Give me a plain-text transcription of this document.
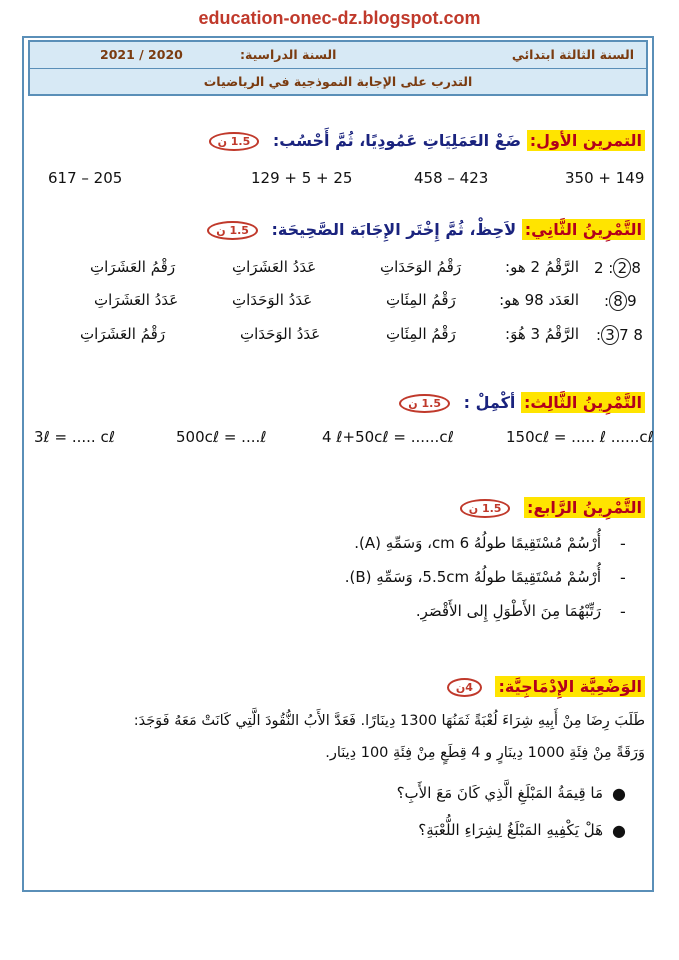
education-onec-dz.blogspot.com
2021 / 2020	السنة الدراسية:	السنة الثالثة ابتدائي
التدرب على الإجابة النموذجية في الرياضيات
التمرين الأول: ضَعْ العَمَلِيَاتِ عَمُودِيًا، ثُمَّ أَحْسُب: 1.5 ن
350 + 149
458 – 423
129 + 5 + 25
617 – 205
التَّمْرِينُ الثَّانِي: لاَحِظْ، ثُمَّ إِخْتَر الإِجَابَة الصَّحِيحَة: 1.5 ن
2 : 2 8
الرَّقْمُ 2 هو:
رَقْمُ الوَحَدَاتِ
عَدَدُ العَشَرَاتِ
رَقْمُ العَشَرَاتِ
: 8 9
العَدَد 98 هو:
رَقْمُ المِئَاتِ
عَدَدُ الوَحَدَاتِ
عَدَدُ العَشَرَاتِ
: 3 7 8
الرَّقْمُ 3 هُوَ:
رَقْمُ المِئَاتِ
عَدَدُ الوَحَدَاتِ
رَقْمُ العَشَرَاتِ
التَّمْرِينُ الثَّالِث: أكْمِلْ : 1.5 ن
150cℓ = ..... ℓ ......cℓ
4 ℓ+50cℓ = ......cℓ
500cℓ = ....ℓ
3ℓ = ..... cℓ
التَّمْرِينُ الرَّابع: 1.5 ن
-
أُرْسُمْ مُسْتَقِيمًا طولُهُ 6 cm، وَسَمِّهِ (A).
-
أُرْسُمْ مُسْتَقِيمًا طولُهُ 5.5cm، وَسَمِّهِ (B).
-
رَتِّبْهُمَا مِنَ الأَطْوَلِ إِلى الأَقْصَرِ.
الوَضْعِيَّة الإِدْمَاجِيَّة: 4ن
طَلَبَ رِضَا مِنْ أَبِيهِ شِرَاءَ لُعْبَةً ثَمَنُهَا 1300 دِينَارًا. فَعَدَّ الأَبُ النُّقُودَ الَّتِي كَانَتْ مَعَهُ فَوَجَدَ:
وَرَقَةً مِنْ فِئَةِ 1000 دِينَارٍ و 4 قِطَعٍ مِنْ فِئَةِ 100 دِينَار.
●
مَا قِيمَةُ المَبْلَغِ الَّذِي كَانَ مَعَ الأَبِ؟
●
هَلْ يَكْفِيهِ المَبْلَغُ لِشِرَاءِ اللُّعْبَةِ؟
